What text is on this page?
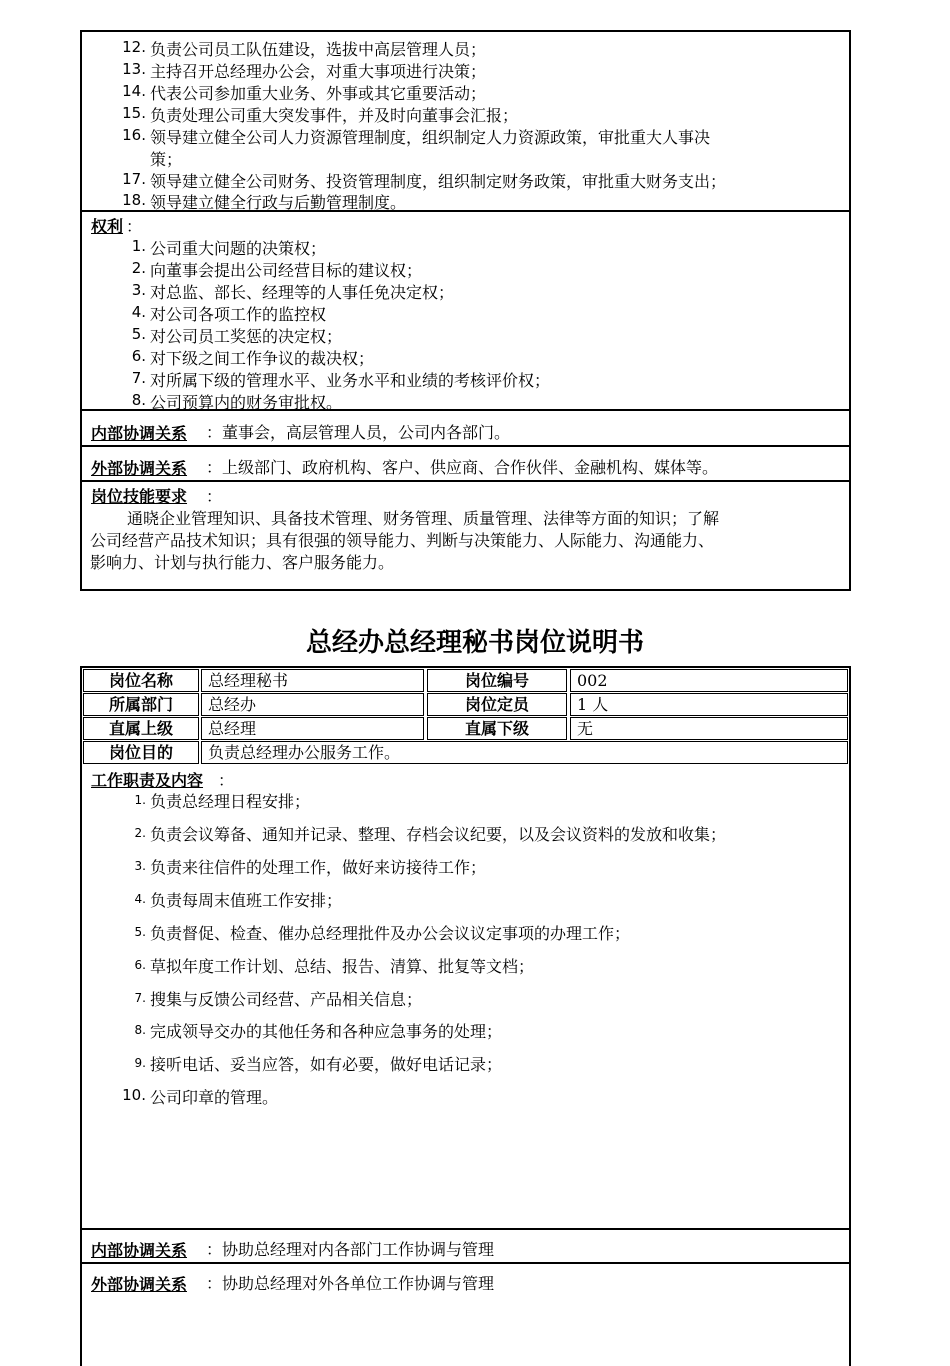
12. 负责公司员工队伍建设，选拔中高层管理人员；
13. 主持召开总经理办公会，对重大事项进行决策；
14. 代表公司参加重大业务、外事或其它重要活动；
15. 负责处理公司重大突发事件，并及时向董事会汇报；
16. 领导建立健全公司人力资源管理制度，组织制定人力资源政策，审批重大人事决
策；
17. 领导建立健全公司财务、投资管理制度，组织制定财务政策，审批重大财务支出；
18. 领导建立健全行政与后勤管理制度。
权利 ：
1. 公司重大问题的决策权；
2. 向董事会提出公司经营目标的建议权；
3. 对总监、部长、经理等的人事任免决定权；
4. 对公司各项工作的监控权
5. 对公司员工奖惩的决定权；
6. 对下级之间工作争议的裁决权；
7. 对所属下级的管理水平、业务水平和业绩的考核评价权；
8. 公司预算内的财务审批权。
内部协调关系 ：董事会，高层管理人员，公司内各部门。
外部协调关系 ：上级部门、政府机构、客户、供应商、合作伙伴、金融机构、媒体等。
岗位技能要求 ：
通晓企业管理知识、具备技术管理、财务管理、质量管理、法律等方面的知识；了解
公司经营产品技术知识；具有很强的领导能力、判断与决策能力、人际能力、沟通能力、
影响力、计划与执行能力、客户服务能力。
总经办总经理秘书岗位说明书
岗位名称	总经理秘书	岗位编号	002
所属部门	总经办	岗位定员	1 人
直属上级	总经理	直属下级	无
岗位目的	负责总经理办公服务工作。
工作职责及内容 ：
1. 负责总经理日程安排；
2. 负责会议筹备、通知并记录、整理、存档会议纪要，以及会议资料的发放和收集；
3. 负责来往信件的处理工作，做好来访接待工作；
4. 负责每周末值班工作安排；
5. 负责督促、检查、催办总经理批件及办公会议议定事项的办理工作；
6. 草拟年度工作计划、总结、报告、清算、批复等文档；
7. 搜集与反馈公司经营、产品相关信息；
8. 完成领导交办的其他任务和各种应急事务的处理；
9. 接听电话、妥当应答，如有必要，做好电话记录；
10. 公司印章的管理。
内部协调关系 ：协助总经理对内各部门工作协调与管理
外部协调关系 ：协助总经理对外各单位工作协调与管理
